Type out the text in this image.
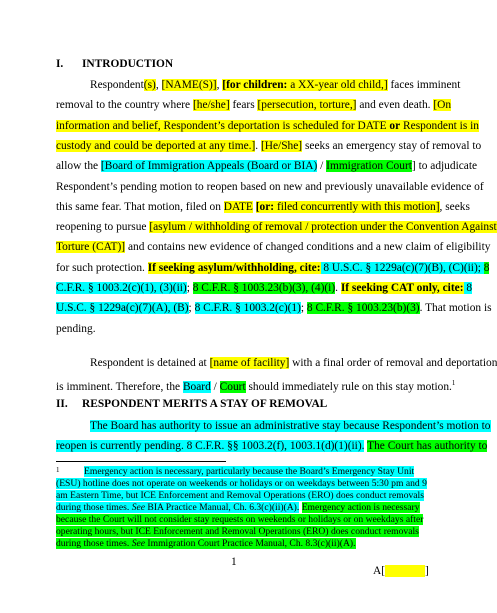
I. INTRODUCTION
Respondent(s), [NAME(S)], [for children: a XX-year old child,] faces imminent
removal to the country where [he/she] fears [persecution, torture,] and even death. [On
information and belief, Respondent’s deportation is scheduled for DATE or Respondent is in
custody and could be deported at any time.]. [He/She] seeks an emergency stay of removal to
allow the [Board of Immigration Appeals (Board or BIA) / Immigration Court] to adjudicate
Respondent’s pending motion to reopen based on new and previously unavailable evidence of
this same fear. That motion, filed on DATE [or: filed concurrently with this motion], seeks
reopening to pursue [asylum / withholding of removal / protection under the Convention Against
Torture (CAT)] and contains new evidence of changed conditions and a new claim of eligibility
for such protection. If seeking asylum/withholding, cite: 8 U.S.C. § 1229a(c)(7)(B), (C)(ii); 8
C.F.R. § 1003.2(c)(1), (3)(ii); 8 C.F.R. § 1003.23(b)(3), (4)(i). If seeking CAT only, cite: 8
U.S.C. § 1229a(c)(7)(A), (B); 8 C.F.R. § 1003.2(c)(1); 8 C.F.R. § 1003.23(b)(3). That motion is
pending.
Respondent is detained at [name of facility] with a final order of removal and deportation
is imminent. Therefore, the Board / Court should immediately rule on this stay motion.$^1$
II. RESPONDENT MERITS A STAY OF REMOVAL
The Board has authority to issue an administrative stay because Respondent’s motion to
reopen is currently pending. 8 C.F.R. §§ 1003.2(f), 1003.1(d)(1)(ii). The Court has authority to
1	Emergency action is necessary, particularly because the Board’s Emergency Stay Unit
(ESU) hotline does not operate on weekends or holidays or on weekdays between 5:30 pm and 9
am Eastern Time, but ICE Enforcement and Removal Operations (ERO) does conduct removals
during those times. See BIA Practice Manual, Ch. 6.3(c)(ii)(A). Emergency action is necessary
because the Court will not consider stay requests on weekends or holidays or on weekdays after
operating hours, but ICE Enforcement and Removal Operations (ERO) does conduct removals
during those times. See Immigration Court Practice Manual, Ch. 8.3(c)(ii)(A).
1
A[	]
